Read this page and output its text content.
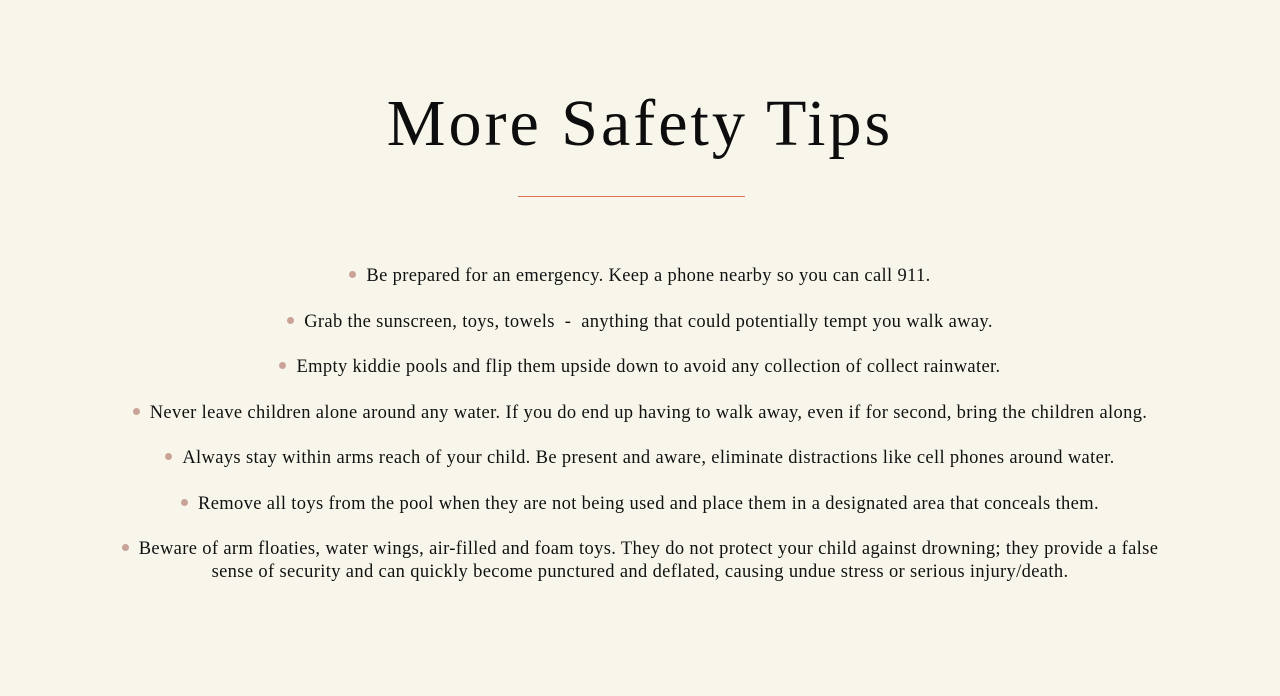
More Safety Tips
Be prepared for an emergency. Keep a phone nearby so you can call 911.
Grab the sunscreen, toys, towels  -  anything that could potentially tempt you walk away.
Empty kiddie pools and flip them upside down to avoid any collection of collect rainwater.
Never leave children alone around any water. If you do end up having to walk away, even if for second, bring the children along.
Always stay within arms reach of your child. Be present and aware, eliminate distractions like cell phones around water.
Remove all toys from the pool when they are not being used and place them in a designated area that conceals them.
Beware of arm floaties, water wings, air-filled and foam toys. They do not protect your child against drowning; they provide a false sense of security and can quickly become punctured and deflated, causing undue stress or serious injury/death.
